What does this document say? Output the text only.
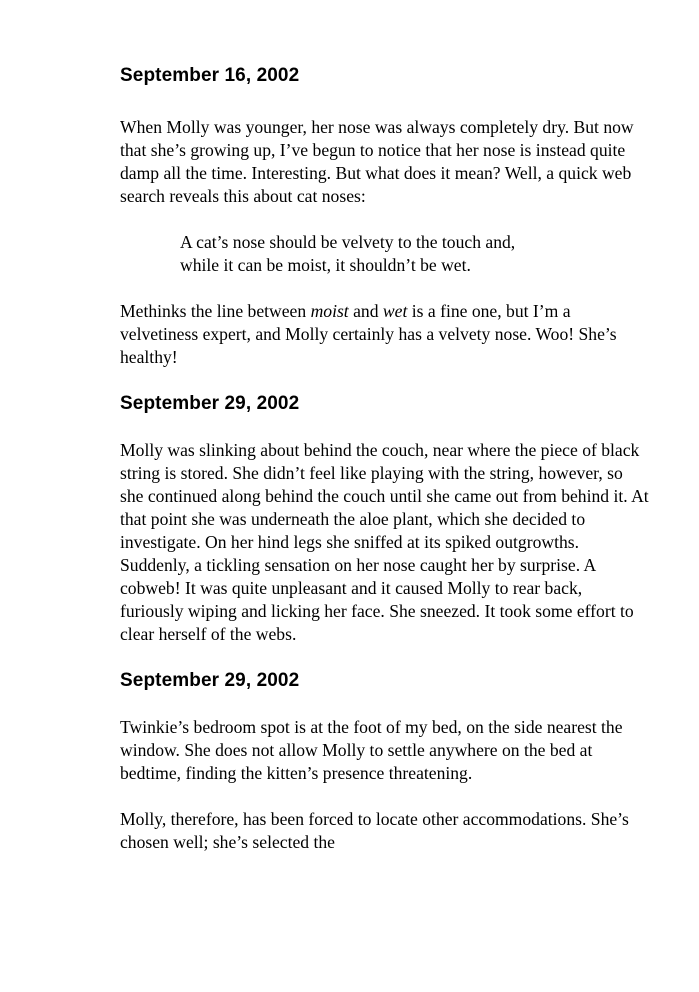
September 16, 2002

When Molly was younger, her nose was always completely dry. But now that she’s growing up, I’ve begun to notice that her nose is instead quite damp all the time. Interesting. But what does it mean? Well, a quick web search reveals this about cat noses:

A cat’s nose should be velvety to the touch and,
while it can be moist, it shouldn’t be wet.

Methinks the line between moist and wet is a fine one, but I’m a velvetiness expert, and Molly certainly has a velvety nose. Woo! She’s healthy!

September 29, 2002

Molly was slinking about behind the couch, near where the piece of black string is stored. She didn’t feel like playing with the string, however, so she continued along behind the couch until she came out from behind it. At that point she was underneath the aloe plant, which she decided to investigate. On her hind legs she sniffed at its spiked outgrowths. Suddenly, a tickling sensation on her nose caught her by surprise. A cobweb! It was quite unpleasant and it caused Molly to rear back, furiously wiping and licking her face. She sneezed. It took some effort to clear herself of the webs.

September 29, 2002

Twinkie’s bedroom spot is at the foot of my bed, on the side nearest the window. She does not allow Molly to settle anywhere on the bed at bedtime, finding the kitten’s presence threatening.

Molly, therefore, has been forced to locate other accommodations. She’s chosen well; she’s selected the
